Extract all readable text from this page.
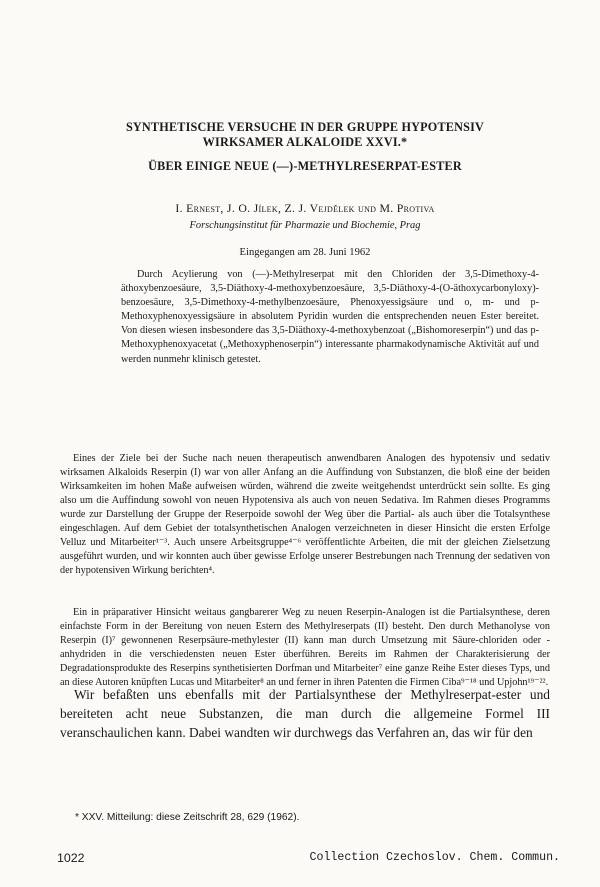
SYNTHETISCHE VERSUCHE IN DER GRUPPE HYPOTENSIV
WIRKSAMER ALKALOIDE XXVI.*
ÜBER EINIGE NEUE (—)-METHYLRESERPAT-ESTER
I. Ernest, J. O. Jílek, Z. J. Vejdělek und M. Protiva
Forschungsinstitut für Pharmazie und Biochemie, Prag
Eingegangen am 28. Juni 1962
Durch Acylierung von (—)-Methylreserpat mit den Chloriden der 3,5-Dimethoxy-4-äthoxybenzoesäure, 3,5-Diäthoxy-4-methoxybenzoesäure, 3,5-Diäthoxy-4-(O-äthoxycarbonyloxy)-benzoesäure, 3,5-Dimethoxy-4-methylbenzoesäure, Phenoxyessigsäure und o, m- und p-Methoxyphenoxyessigsäure in absolutem Pyridin wurden die entsprechenden neuen Ester bereitet. Von diesen wiesen insbesondere das 3,5-Diäthoxy-4-methoxybenzoat („Bishomoreserpin“) und das p-Methoxyphenoxyacetat („Methoxyphenoserpin“) interessante pharmakodynamische Aktivität auf und werden nunmehr klinisch getestet.

Eines der Ziele bei der Suche nach neuen therapeutisch anwendbaren Analogen des hypotensiv und sedativ wirksamen Alkaloids Reserpin (I) war von aller Anfang an die Auffindung von Substanzen, die bloß eine der beiden Wirksamkeiten im hohen Maße aufweisen würden, während die zweite weitgehendst unterdrückt sein sollte. Es ging also um die Auffindung sowohl von neuen Hypotensiva als auch von neuen Sedativa. Im Rahmen dieses Programms wurde zur Darstellung der Gruppe der Reserpoide sowohl der Weg über die Partial- als auch über die Totalsynthese eingeschlagen. Auf dem Gebiet der totalsynthetischen Analogen verzeichneten in dieser Hinsicht die ersten Erfolge Velluz und Mitarbeiter¹⁻³. Auch unsere Arbeitsgruppe⁴⁻⁶ veröffentlichte Arbeiten, die mit der gleichen Zielsetzung ausgeführt wurden, und wir konnten auch über gewisse Erfolge unserer Bestrebungen nach Trennung der sedativen von der hypotensiven Wirkung berichten⁴.

Ein in präparativer Hinsicht weitaus gangbarerer Weg zu neuen Reserpin-Analogen ist die Partialsynthese, deren einfachste Form in der Bereitung von neuen Estern des Methylreserpats (II) besteht. Den durch Methanolyse von Reserpin (I)⁷ gewonnenen Reserpsäure-methylester (II) kann man durch Umsetzung mit Säure-chloriden oder -anhydriden in die verschiedensten neuen Ester überführen. Bereits im Rahmen der Charakterisierung der Degradationsprodukte des Reserpins synthetisierten Dorfman und Mitarbeiter⁷ eine ganze Reihe Ester dieses Typs, und an diese Autoren knüpften Lucas und Mitarbeiter⁸ an und ferner in ihren Patenten die Firmen Ciba⁹⁻¹⁸ und Upjohn¹⁹⁻²².

Wir befaßten uns ebenfalls mit der Partialsynthese der Methylreserpat-ester und bereiteten acht neue Substanzen, die man durch die allgemeine Formel III veranschaulichen kann. Dabei wandten wir durchwegs das Verfahren an, das wir für den

* XXV. Mitteilung: diese Zeitschrift 28, 629 (1962).
1022	Collection Czechoslov. Chem. Commun.
